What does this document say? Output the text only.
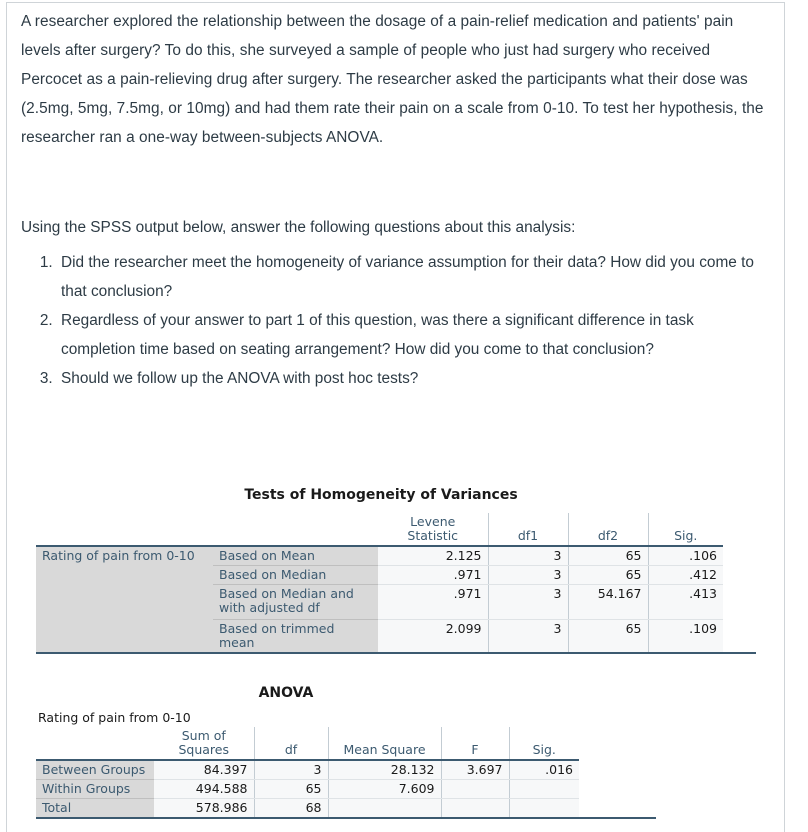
A researcher explored the relationship between the dosage of a pain-relief medication and patients' pain levels after surgery? To do this, she surveyed a sample of people who just had surgery who received Percocet as a pain-relieving drug after surgery. The researcher asked the participants what their dose was (2.5mg, 5mg, 7.5mg, or 10mg) and had them rate their pain on a scale from 0-10. To test her hypothesis, the researcher ran a one-way between-subjects ANOVA.

Using the SPSS output below, answer the following questions about this analysis:

1. Did the researcher meet the homogeneity of variance assumption for their data? How did you come to that conclusion?
2. Regardless of your answer to part 1 of this question, was there a significant difference in task completion time based on seating arrangement? How did you come to that conclusion?
3. Should we follow up the ANOVA with post hoc tests?
Tests of Homogeneity of Variances
		Levene
Statistic	df1	df2	Sig.
Rating of pain from 0-10	Based on Mean	2.125	3	65	.106
	Based on Median	.971	3	65	.412
	Based on Median and with adjusted df	.971	3	54.167	.413
	Based on trimmed mean	2.099	3	65	.109
ANOVA
Rating of pain from 0-10
	Sum of
Squares	df	Mean Square	F	Sig.
Between Groups	84.397	3	28.132	3.697	.016
Within Groups	494.588	65	7.609		
Total	578.986	68			
